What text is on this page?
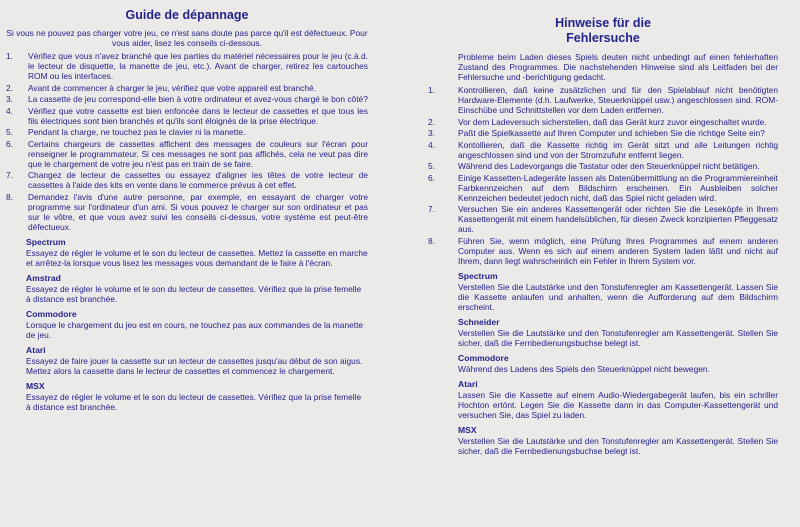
Guide de dépannage

Si vous ne pouvez pas charger votre jeu, ce n'est sans doute pas parce qu'il est défectueux. Pour vous aider, lisez les conseils ci-dessous.

1.	Vérifiez que vous n'avez branché que les parties du matériel nécessaires pour le jeu (c.à.d. le lecteur de disquette, la manette de jeu, etc.). Avant de charger, retirez les cartouches ROM ou les interfaces.
2.	Avant de commencer à charger le jeu, vérifiez que votre appareil est branché.
3.	La cassette de jeu correspond-elle bien à votre ordinateur et avez-vous chargé le bon côté?
4.	Vérifiez que votre cassette est bien enfoncée dans le lecteur de cassettes et que tous les fils électriques sont bien branchés et qu'ils sont éloignés de la prise électrique.
5.	Pendant la charge, ne touchez pas le clavier ni la manette.
6.	Certains chargeurs de cassettes affichent des messages de couleurs sur l'écran pour renseigner le programmateur. Si ces messages ne sont pas affichés, cela ne veut pas dire que le chargement de votre jeu n'est pas en train de se faire.
7.	Changez de lecteur de cassettes ou essayez d'aligner les têtes de votre lecteur de cassettes à l'aide des kits en vente dans le commerce prévus à cet effet.
8.	Demandez l'avis d'une autre personne, par exemple, en essayant de charger votre programme sur l'ordinateur d'un ami. Si vous pouvez le charger sur son ordinateur et pas sur le vôtre, et que vous avez suivi les conseils ci-dessus, votre système est peut-être défectueux.
Spectrum

Essayez de régler le volume et le son du lecteur de cassettes. Mettez la cassette en marche et arrêtez-la lorsque vous lisez les messages vous demandant de le faire à l'écran.

Amstrad

Essayez de régler le volume et le son du lecteur de cassettes. Vérifiez que la prise femelle à distance est branchée.

Commodore

Lorsque le chargement du jeu est en cours, ne touchez pas aux commandes de la manette de jeu.

Atari

Essayez de faire jouer la cassette sur un lecteur de cassettes jusqu'au début de son aigus. Mettez alors la cassette dans le lecteur de cassettes et commencez le chargement.

MSX

Essayez de régler le volume et le son du lecteur de cassettes. Vérifiez que la prise femelle à distance est branchée.

Hinweise für die
Fehlersuche

Probleme beim Laden dieses Spiels deuten nicht unbedingt auf einen fehlerhaften Zustand des Programmes. Die nachstehenden Hinweise sind als Leitfaden bei der Fehlersuche und -berichtigung gedacht.

1.	Kontrollieren, daß keine zusätzlichen und für den Spielablauf nicht benötigten Hardware-Elemente (d.h. Laufwerke, Steuerknüppel usw.) angeschlossen sind. ROM-Einschübe und Schnittstellen vor dem Laden entfernen.
2.	Vor dem Ladeversuch sicherstellen, daß das Gerät kurz zuvor eingeschaltet wurde.
3.	Paßt die Spielkassette auf Ihren Computer und schieben Sie die richtige Seite ein?
4.	Kontollieren, daß die Kassette richtig im Gerät sitzt und alle Leitungen richtig angeschlossen sind und von der Stromzufuhr entfernt liegen.
5.	Während des Ladevorgangs die Tastatur oder den Steuerknüppel nicht betätigen.
6.	Einige Kassetten-Ladegeräte lassen als Datenübermittlung an die Programmiereinheit Farbkennzeichen auf dem Bildschirm erscheinen. Ein Ausbleiben solcher Kennzeichen bedeutet jedoch nicht, daß das Spiel nicht geladen wird.
7.	Versuchen Sie ein anderes Kassettengerät oder richten Sie die Leseköpfe in Ihrem Kassettengerät mit einem handelsüblichen, für diesen Zweck konzipierten Pfleggesatz aus.
8.	Führen Sie, wenn möglich, eine Prüfung Ihres Programmes auf einem anderen Computer aus. Wenn es sich auf einem anderen System laden läßt und nicht auf Ihrem, dann liegt wahrscheinlich ein Fehler in Ihrem System vor.
Spectrum

Verstellen Sie die Lautstärke und den Tonstufenregler am Kassettengerät. Lassen Sie die Kassette anlaufen und anhalten, wenn die Aufforderung auf dem Bildschirm erscheint.

Schneider

Verstellen Sie die Lautstärke und den Tonstufenregler am Kassettengerät. Stellen Sie sicher, daß die Fernbedienungsbuchse belegt ist.

Commodore

Während des Ladens des Spiels den Steuerknüppel nicht bewegen.

Atari

Lassen Sie die Kassette auf einem Audio-Wiedergabegerät laufen, bis ein schriller Hochton ertönt. Legen Sie die Kassette dann in das Computer-Kassettengerät und versuchen Sie, das Spiel zu laden.

MSX

Verstellen Sie die Lautstärke und den Tonstufenregler am Kassettengerät. Stellen Sie sicher, daß die Fernbedienungsbuchse belegt ist.
